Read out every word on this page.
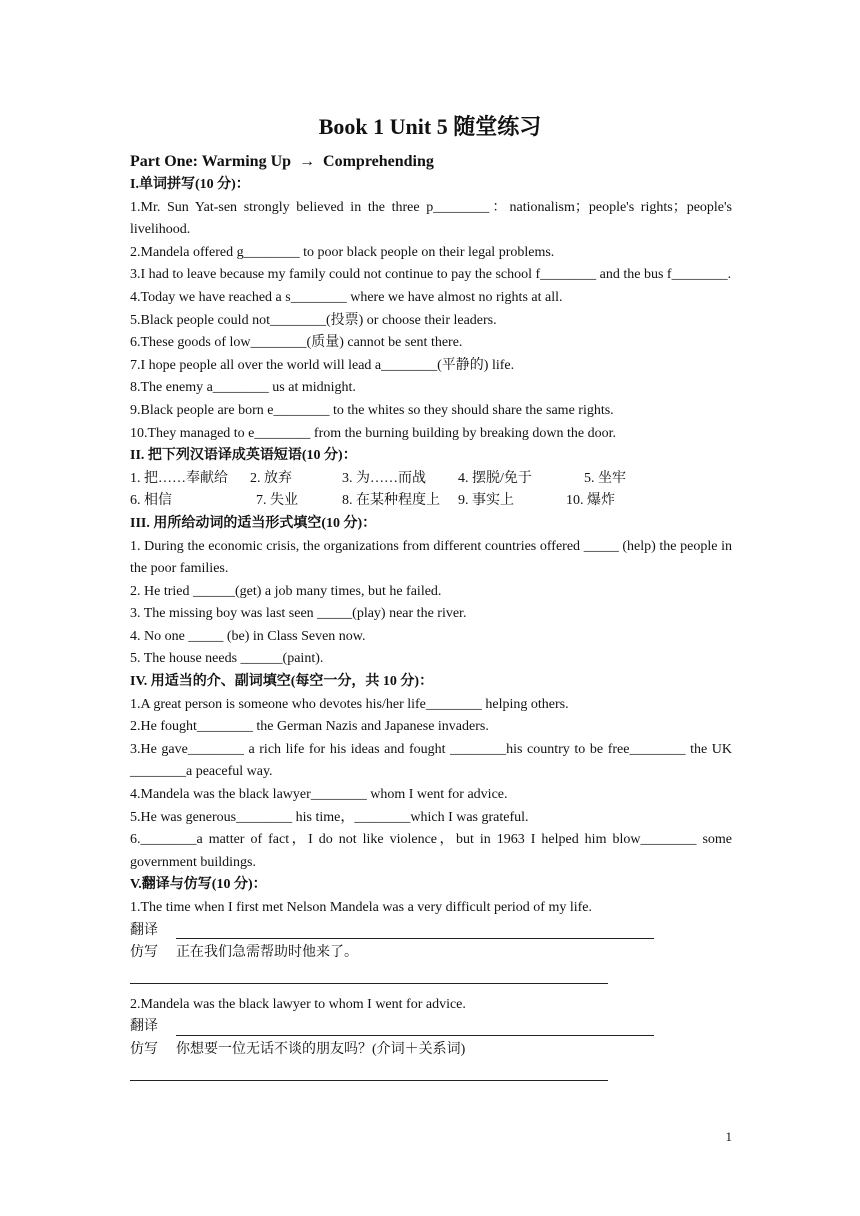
Book 1 Unit 5 随堂练习
Part One: Warming Up  →  Comprehending
I.单词拼写(10 分)：
1.Mr. Sun Yat-sen strongly believed in the three p________：nationalism；people's rights；people's livelihood.
2.Mandela offered g________ to poor black people on their legal problems.
3.I had to leave because my family could not continue to pay the school f________ and the bus f________.
4.Today we have reached a s________ where we have almost no rights at all.
5.Black people could not________(投票) or choose their leaders.
6.These goods of low________(质量) cannot be sent there.
7.I hope people all over the world will lead a________(平静的) life.
8.The enemy a________ us at midnight.
9.Black people are born e________ to the whites so they should share the same rights.
10.They managed to e________ from the burning building by breaking down the door.
II. 把下列汉语译成英语短语(10 分)：
1. 把……奉献给	2. 放弃	3. 为……而战	4. 摆脱/免于	5. 坐牢
6. 相信	7. 失业	8. 在某种程度上	9. 事实上	10. 爆炸
III. 用所给动词的适当形式填空(10 分)：
1. During the economic crisis, the organizations from different countries offered _____ (help) the people in the poor families.
2. He tried ______(get) a job many times, but he failed.
3. The missing boy was last seen _____(play) near the river.
4. No one _____ (be) in Class Seven now.
5. The house needs ______(paint).
IV. 用适当的介、副词填空(每空一分，共 10 分)：
1.A great person is someone who devotes his/her life________ helping others.
2.He fought________ the German Nazis and Japanese invaders.
3.He gave________ a rich life for his ideas and fought ________his country to be free________ the UK ________a peaceful way.
4.Mandela was the black lawyer________ whom I went for advice.
5.He was generous________ his time，________which I was grateful.
6.________a matter of fact，I do not like violence，but in 1963 I helped him blow________ some government buildings.
V.翻译与仿写(10 分)：
1.The time when I first met Nelson Mandela was a very difficult period of my life.
翻译
仿写	正在我们急需帮助时他来了。
2.Mandela was the black lawyer to whom I went for advice.
翻译
仿写	你想要一位无话不谈的朋友吗？(介词＋关系词)
1
